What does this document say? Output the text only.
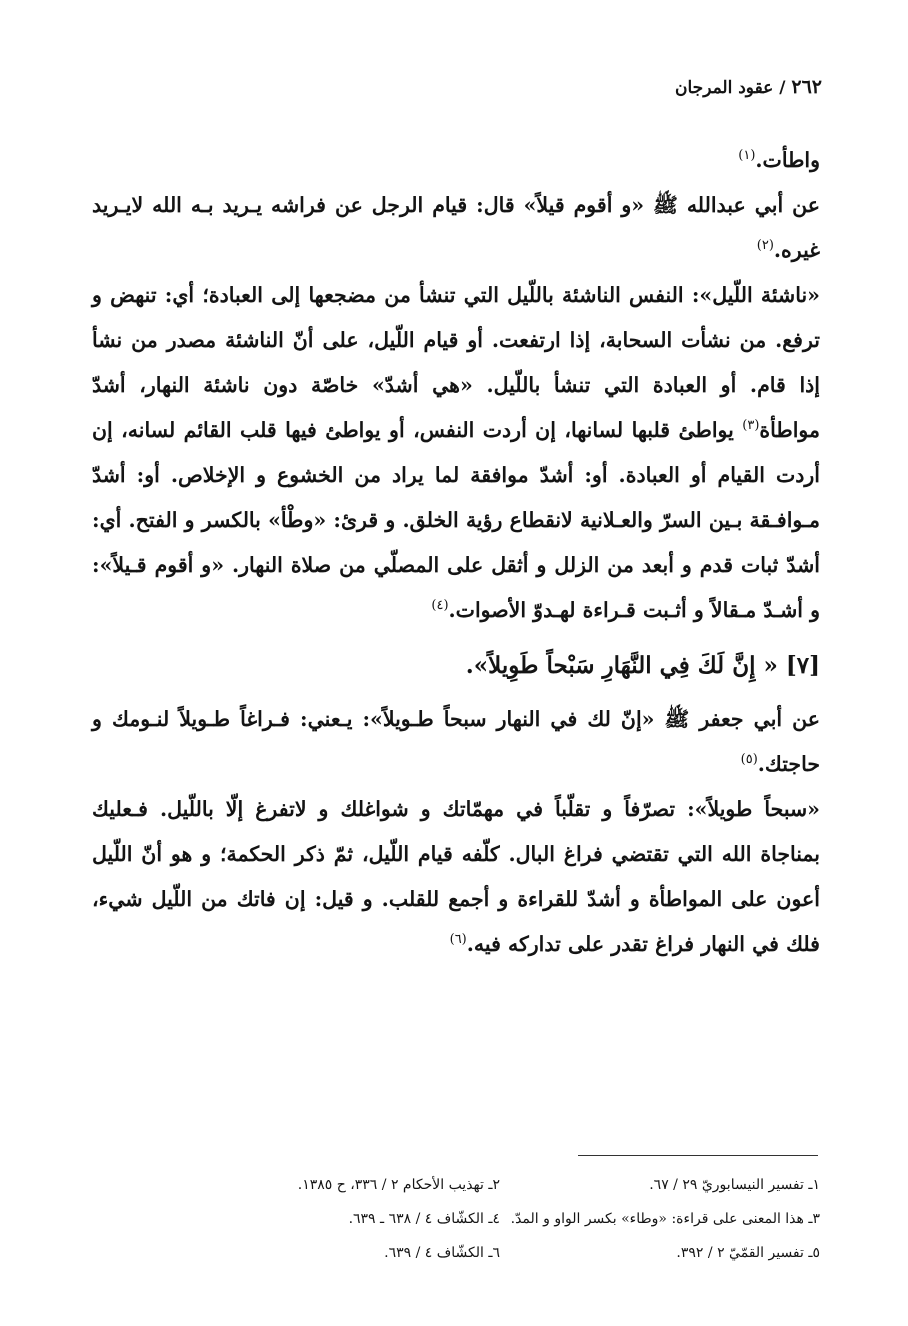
٢٦٢ / عقود المرجان

واطأت.$^{(١)}$

عن أبي عبدالله ﷺ «و أقوم قيلاً» قال: قيام الرجل عن فراشه يـريد بـه الله لايـريد غيره.$^{(٢)}$

«ناشئة اللّيل»: النفس الناشئة باللّيل التي تنشأ من مضجعها إلى العبادة؛ أي: تنهض و ترفع. من نشأت السحابة، إذا ارتفعت. أو قيام اللّيل، على أنّ الناشئة مصدر من نشأ إذا قام. أو العبادة التي تنشأ باللّيل. «هي أشدّ» خاصّة دون ناشئة النهار، أشدّ مواطأة$^{(٣)}$ يواطئ قلبها لسانها، إن أردت النفس، أو يواطئ فيها قلب القائم لسانه، إن أردت القيام أو العبادة. أو: أشدّ موافقة لما يراد من الخشوع و الإخلاص. أو: أشدّ مـوافـقة بـين السرّ والعـلانية لانقطاع رؤية الخلق. و قرئ: «وطْأ» بالكسر و الفتح. أي: أشدّ ثبات قدم و أبعد من الزلل و أثقل على المصلّي من صلاة النهار. «و أقوم قـيلاً»: و أشـدّ مـقالاً و أثـبت قـراءة لهـدوّ الأصوات.$^{(٤)}$

[٧] « إِنَّ لَكَ فِي النَّهَارِ سَبْحاً طَوِيلاً».

عن أبي جعفر ﷺ «إنّ لك في النهار سبحاً طـويلاً»: يـعني: فـراغاً طـويلاً لنـومك و حاجتك.$^{(٥)}$

«سبحاً طويلاً»: تصرّفاً و تقلّباً في مهمّاتك و شواغلك و لاتفرغ إلّا باللّيل. فـعليك بمناجاة الله التي تقتضي فراغ البال. كلّفه قيام اللّيل، ثمّ ذكر الحكمة؛ و هو أنّ اللّيل أعون على المواطأة و أشدّ للقراءة و أجمع للقلب. و قيل: إن فاتك من اللّيل شيء، فلك في النهار فراغ تقدر على تداركه فيه.$^{(٦)}$

١ـ تفسير النيسابوريّ ٢٩ / ٦٧.
٢ـ تهذيب الأحكام ٢ / ٣٣٦، ح ١٣٨٥.
٣ـ هذا المعنى على قراءة: «وطاء» بكسر الواو و المدّ.
٤ـ الكشّاف ٤ / ٦٣٨ ـ ٦٣٩.
٥ـ تفسير القمّيّ ٢ / ٣٩٢.
٦ـ الكشّاف ٤ / ٦٣٩.
